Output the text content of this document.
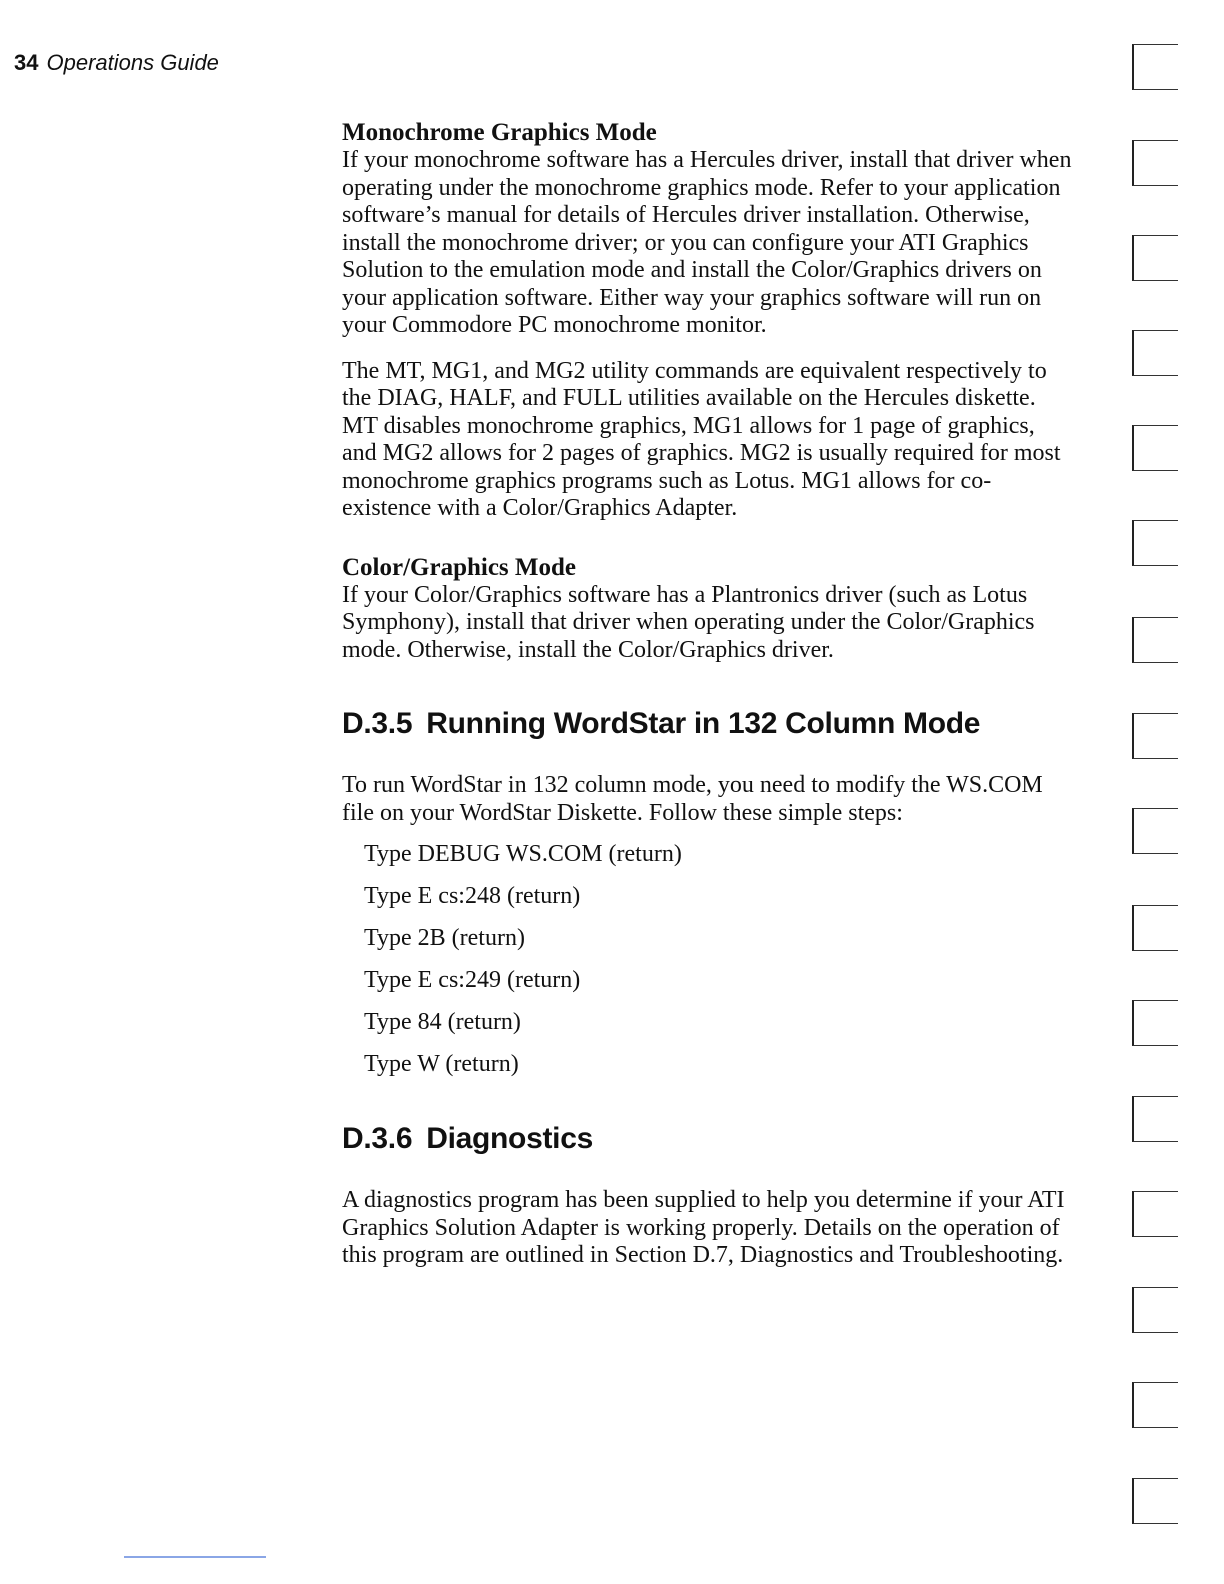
34 Operations Guide
Monochrome Graphics Mode

If your monochrome software has a Hercules driver, install that driver when operating under the monochrome graphics mode. Refer to your application software’s manual for details of Hercules driver installation. Otherwise, install the monochrome driver; or you can configure your ATI Graphics Solution to the emulation mode and install the Color/Graphics drivers on your application software. Either way your graphics software will run on your Commodore PC monochrome monitor.

The MT, MG1, and MG2 utility commands are equivalent respectively to the DIAG, HALF, and FULL utilities available on the Hercules diskette. MT disables monochrome graphics, MG1 allows for 1 page of graphics, and MG2 allows for 2 pages of graphics. MG2 is usually required for most monochrome graphics programs such as Lotus. MG1 allows for co-existence with a Color/Graphics Adapter.

Color/Graphics Mode

If your Color/Graphics software has a Plantronics driver (such as Lotus Symphony), install that driver when operating under the Color/Graphics mode. Otherwise, install the Color/Graphics driver.

D.3.5 Running WordStar in 132 Column Mode

To run WordStar in 132 column mode, you need to modify the WS.COM file on your WordStar Diskette. Follow these simple steps:

Type DEBUG WS.COM (return)
Type E cs:248 (return)
Type 2B (return)
Type E cs:249 (return)
Type 84 (return)
Type W (return)
D.3.6 Diagnostics

A diagnostics program has been supplied to help you determine if your ATI Graphics Solution Adapter is working properly. Details on the operation of this program are outlined in Section D.7, Diagnostics and Troubleshooting.
